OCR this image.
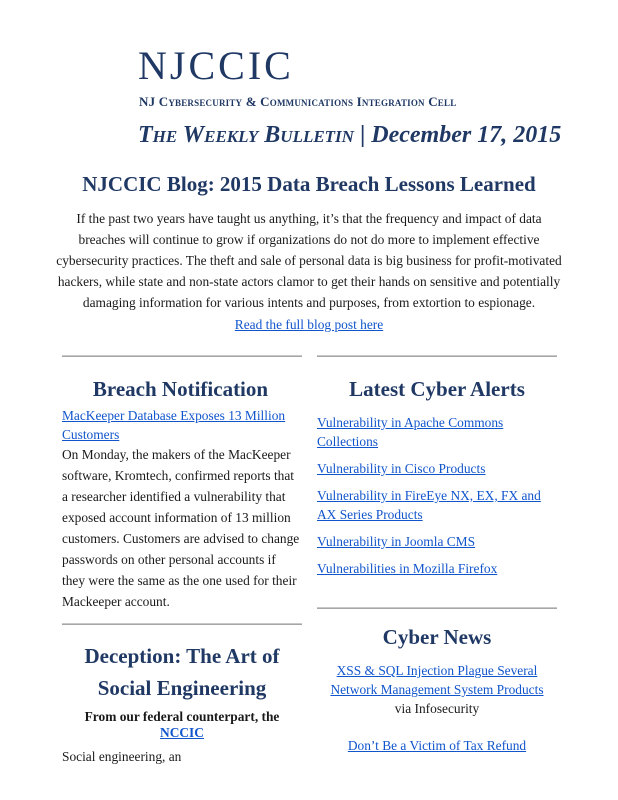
NJCCIC
NJ Cybersecurity & Communications Integration Cell
The Weekly Bulletin | December 17, 2015
NJCCIC Blog: 2015 Data Breach Lessons Learned

If the past two years have taught us anything, it’s that the frequency and impact of data breaches will continue to grow if organizations do not do more to implement effective cybersecurity practices. The theft and sale of personal data is big business for profit-motivated hackers, while state and non-state actors clamor to get their hands on sensitive and potentially damaging information for various intents and purposes, from extortion to espionage.

Read the full blog post here
Breach Notification
MacKeeper Database Exposes 13 Million Customers

On Monday, the makers of the MacKeeper software, Kromtech, confirmed reports that a researcher identified a vulnerability that exposed account information of 13 million customers. Customers are advised to change passwords on other personal accounts if they were the same as the one used for their Mackeeper account.

Latest Cyber Alerts
Vulnerability in Apache Commons Collections
Vulnerability in Cisco Products
Vulnerability in FireEye NX, EX, FX and AX Series Products
Vulnerability in Joomla CMS
Vulnerabilities in Mozilla Firefox
Deception: The Art of Social Engineering
From our federal counterpart, the NCCIC
Social engineering, an
Cyber News
XSS & SQL Injection Plague Several Network Management System Products
via Infosecurity
Don’t Be a Victim of Tax Refund
